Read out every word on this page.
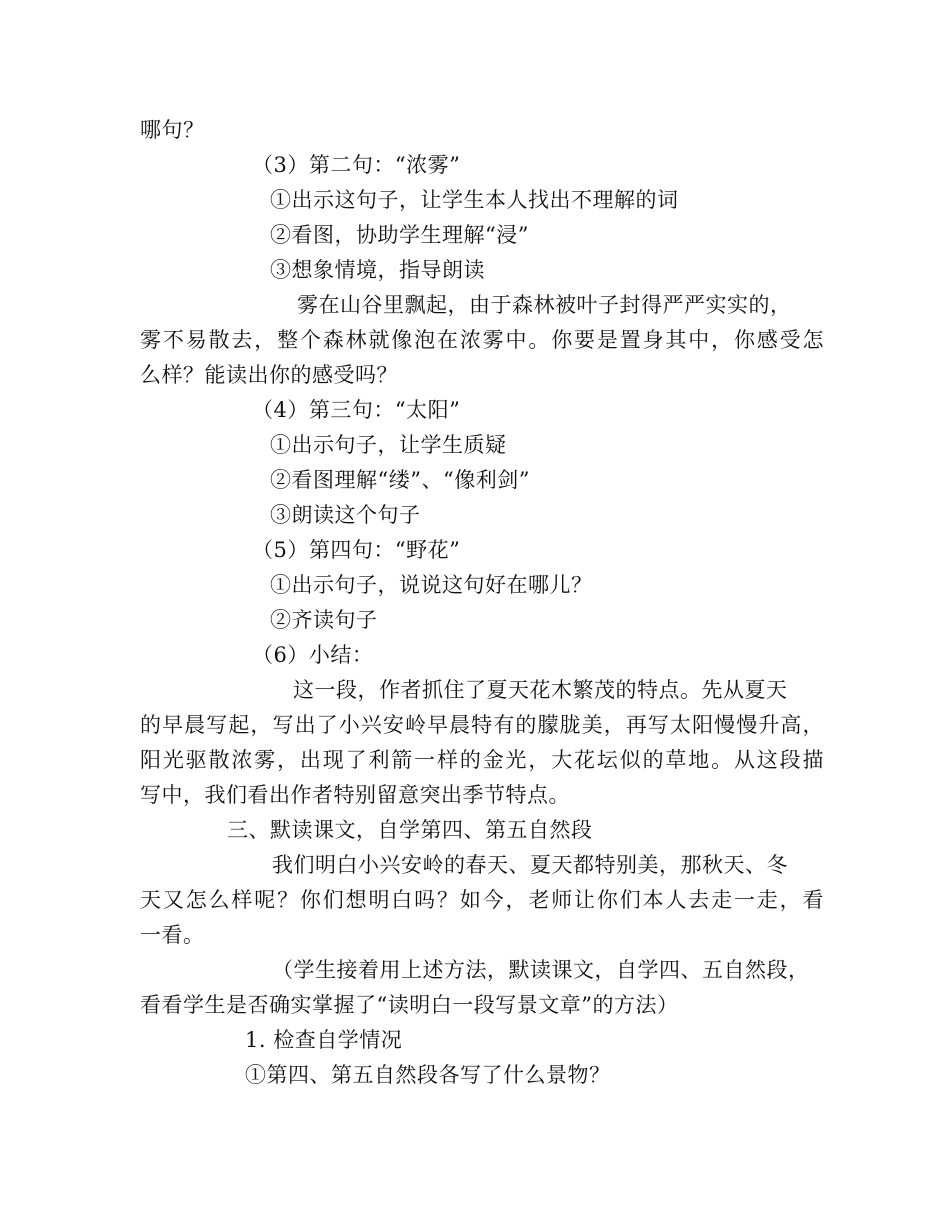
哪句？
（3）第二句：“浓雾”
①出示这句子，让学生本人找出不理解的词
②看图，协助学生理解“浸”
③想象情境，指导朗读
雾在山谷里飘起，由于森林被叶子封得严严实实的，
雾不易散去，整个森林就像泡在浓雾中。你要是置身其中，你感受怎
么样？能读出你的感受吗？
（4）第三句：“太阳”
①出示句子，让学生质疑
②看图理解“缕”、“像利剑”
③朗读这个句子
（5）第四句：“野花”
①出示句子，说说这句好在哪儿？
②齐读句子
（6）小结：
这一段，作者抓住了夏天花木繁茂的特点。先从夏天
的早晨写起，写出了小兴安岭早晨特有的朦胧美，再写太阳慢慢升高，
阳光驱散浓雾，出现了利箭一样的金光，大花坛似的草地。从这段描
写中，我们看出作者特别留意突出季节特点。
三、默读课文，自学第四、第五自然段
我们明白小兴安岭的春天、夏天都特别美，那秋天、冬
天又怎么样呢？你们想明白吗？如今，老师让你们本人去走一走，看
一看。
（学生接着用上述方法，默读课文，自学四、五自然段，
看看学生是否确实掌握了“读明白一段写景文章”的方法）
1. 检查自学情况
①第四、第五自然段各写了什么景物？
